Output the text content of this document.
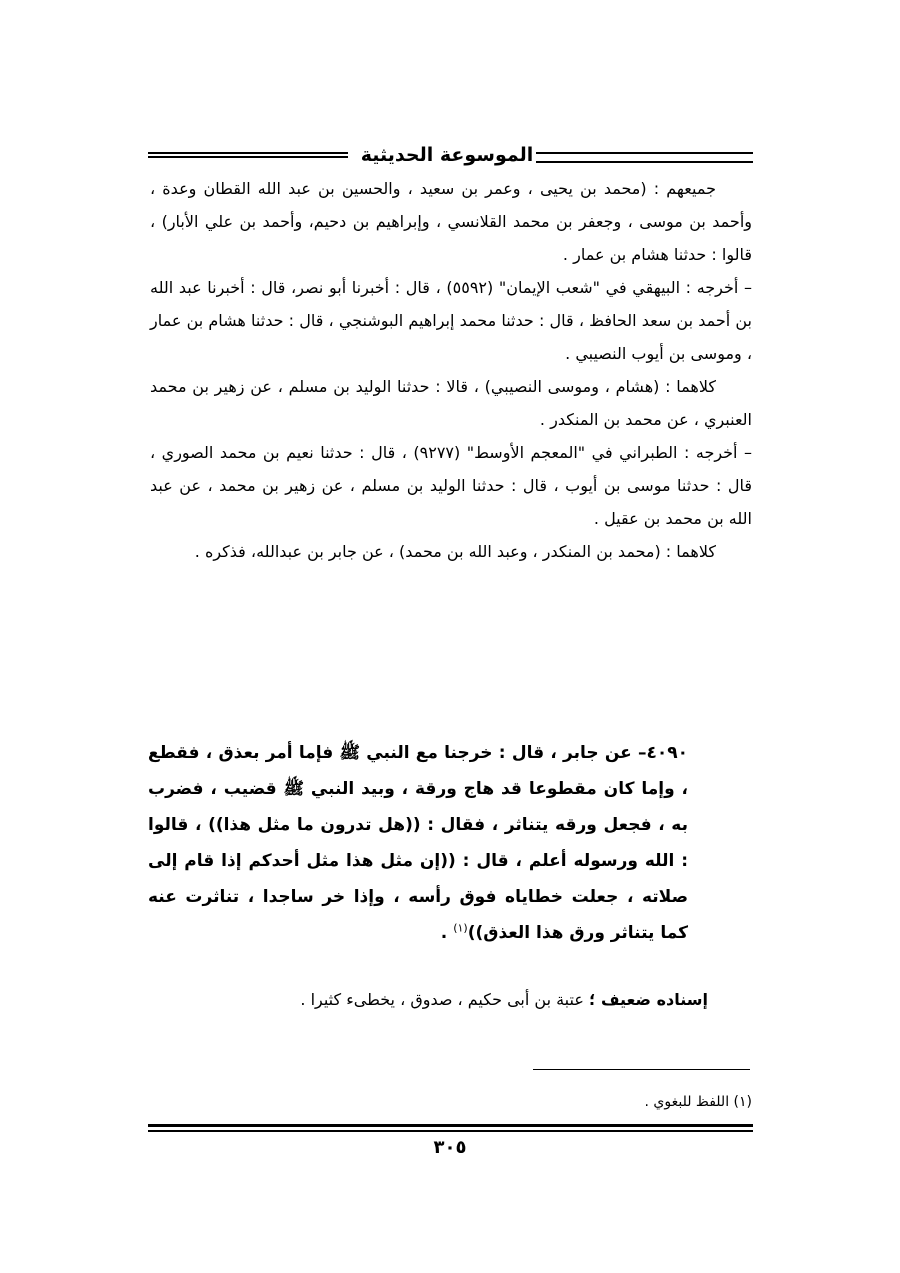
الموسوعة الحديثية

جميعهم : (محمد بن يحيى ، وعمر بن سعيد ، والحسين بن عبد الله القطان وعدة ، وأحمد بن موسى ، وجعفر بن محمد القلانسي ، وإبراهيم بن دحيم، وأحمد بن علي الأبار) ، قالوا : حدثنا هشام بن عمار .

– أخرجه : البيهقي في "شعب الإيمان" (٥٥٩٢) ، قال : أخبرنا أبو نصر، قال : أخبرنا عبد الله بن أحمد بن سعد الحافظ ، قال : حدثنا محمد إبراهيم البوشنجي ، قال : حدثنا هشام بن عمار ، وموسى بن أيوب النصيبي .

كلاهما : (هشام ، وموسى النصيبي) ، قالا : حدثنا الوليد بن مسلم ، عن زهير بن محمد العنبري ، عن محمد بن المنكدر .

– أخرجه : الطبراني في "المعجم الأوسط" (٩٢٧٧) ، قال : حدثنا نعيم بن محمد الصوري ، قال : حدثنا موسى بن أيوب ، قال : حدثنا الوليد بن مسلم ، عن زهير بن محمد ، عن عبد الله بن محمد بن عقيل .

كلاهما : (محمد بن المنكدر ، وعبد الله بن محمد) ، عن جابر بن عبدالله، فذكره .

٤٠٩٠– عن جابر ، قال : خرجنا مع النبي ﷺ فإما أمر بعذق ، فقطع ، وإما كان مقطوعا قد هاج ورقة ، وبيد النبي ﷺ قضيب ، فضرب به ، فجعل ورقه يتناثر ، فقال : ((هل تدرون ما مثل هذا)) ، قالوا : الله ورسوله أعلم ، قال : ((إن مثل هذا مثل أحدكم إذا قام إلى صلاته ، جعلت خطاياه فوق رأسه ، وإذا خر ساجدا ، تناثرت عنه كما يتناثر ورق هذا العذق))$^{(١)}$ .

إسناده ضعيف ؛ عتبة بن أبى حكيم ، صدوق ، يخطىء كثيرا .
(١) اللفظ للبغوي .
٣٠٥
